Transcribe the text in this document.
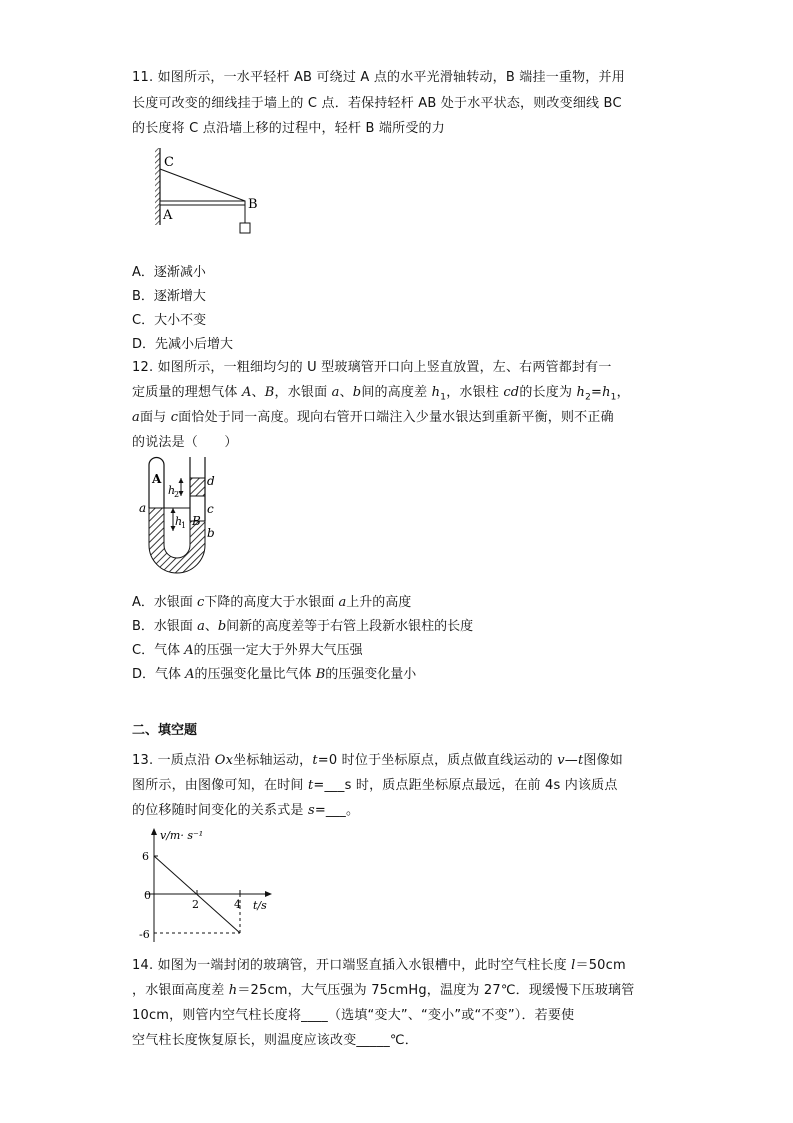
11. 如图所示，一水平轻杆 AB 可绕过 A 点的水平光滑轴转动，B 端挂一重物，并用
长度可改变的细线挂于墙上的 C 点．若保持轻杆 AB 处于水平状态，则改变细线 BC
的长度将 C 点沿墙上移的过程中，轻杆 B 端所受的力
C
A
B
A．逐渐减小
B．逐渐增大
C．大小不变
D．先减小后增大
12. 如图所示，一粗细均匀的 U 型玻璃管开口向上竖直放置，左、右两管都封有一
定质量的理想气体 A、B，水银面 a、b间的高度差 $h_1$，水银柱 cd的长度为 $h_2=h_1$，
a面与 c面恰处于同一高度。现向右管开口端注入少量水银达到重新平衡，则不正确
的说法是（　　）
A
B
a
b
c
d
h
2
h
1
A．水银面 c下降的高度大于水银面 a上升的高度
B．水银面 a、b间新的高度差等于右管上段新水银柱的长度
C．气体 A的压强一定大于外界大气压强
D．气体 A的压强变化量比气体 B的压强变化量小
二、填空题
13. 一质点沿 Ox坐标轴运动，t=0 时位于坐标原点，质点做直线运动的 v—t图像如
图所示，由图像可知，在时间 t=___s 时，质点距坐标原点最远，在前 4s 内该质点
的位移随时间变化的关系式是 s=___。
v/m· s⁻¹
t/s
6
0
-6
2	4
14. 如图为一端封闭的玻璃管，开口端竖直插入水银槽中，此时空气柱长度 l＝50cm
，水银面高度差 h＝25cm，大气压强为 75cmHg，温度为 27℃．现缓慢下压玻璃管
10cm，则管内空气柱长度将____（选填“变大”、“变小”或“不变”）．若要使
空气柱长度恢复原长，则温度应该改变_____℃．
